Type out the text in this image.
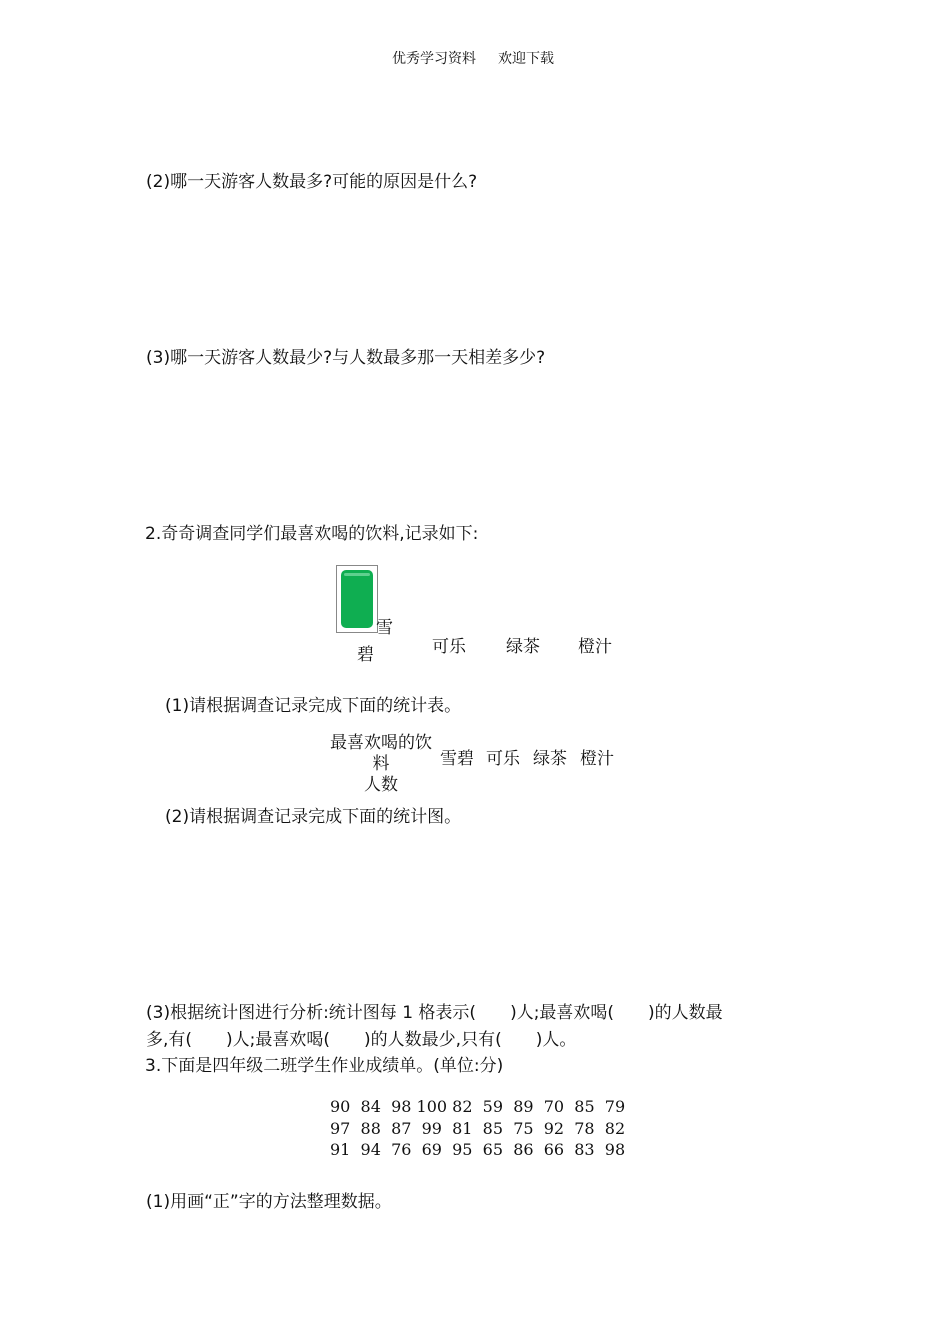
优秀学习资料 欢迎下载
(2)哪一天游客人数最多?可能的原因是什么?
(3)哪一天游客人数最少?与人数最多那一天相差多少?
2.奇奇调查同学们最喜欢喝的饮料,记录如下:
雪
碧	可乐 绿茶 橙汁
(1)请根据调查记录完成下面的统计表。
最喜欢喝的饮料
人数
雪碧 可乐 绿茶 橙汁
(2)请根据调查记录完成下面的统计图。
(3)根据统计图进行分析:统计图每 1 格表示(　　)人;最喜欢喝(　　)的人数最
多,有(　　)人;最喜欢喝(　　)的人数最少,只有(　　)人。
3.下面是四年级二班学生作业成绩单。(单位:分)
90  84  98 100 82  59  89  70  85  79
97  88  87  99  81  85  75  92  78  82
91  94  76  69  95  65  86  66  83  98
(1)用画“正”字的方法整理数据。
